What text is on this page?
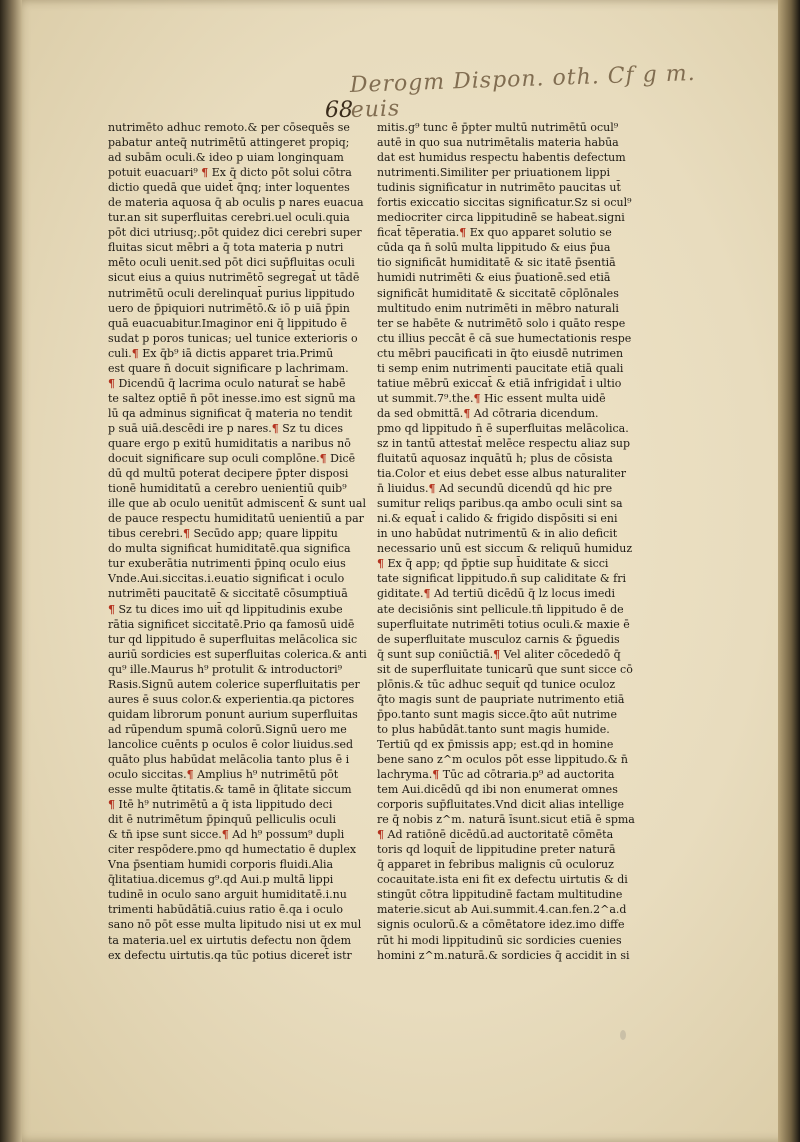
Derogm Dispon. oth. Cf g m. euis
68
nutrimēto adhuc remoto.& per cōsequēs se
pabatur anteq̄ nutrimētū attingeret propiq;
ad subām oculi.& ideo p uiam longinquam
potuit euacuari⁹ ¶ Ex q̄ dicto pōt solui cōtra
dictio quedā que uidet̄ q̄nq; inter loquentes
de materia aquosa q̄ ab oculis p nares euacua
tur.an sit superfluitas cerebri.uel oculi.quia
pōt dici utriusq;.pōt quidez dici cerebri super
fluitas sicut mēbri a q̄ tota materia p nutri
mēto oculi uenit.sed pōt dici sup̄fluitas oculi
sicut eius a quius nutrimētō segregat̄ ut tādē
nutrimētū oculi derelinquat̄ purius lippitudo
uero de p̄piquiori nutrimētō.& iō p uiā p̄pin
quā euacuabitur.Imaginor eni q̄ lippitudo ē
sudat p poros tunicas; uel tunice exterioris o
culi.¶ Ex q̄b⁹ iā dictis apparet tria.Primū
est quare n̄ docuit significare p lachrimam.
¶ Dicendū q̄ lacrima oculo naturat̄ se habē
te saltez optiē n̄ pōt inesse.imo est signū ma
lū qa adminus significat q̄ materia no tendit
p suā uiā.descēdi ire p nares.¶ Sz tu dices
quare ergo p exitū humiditatis a naribus nō
docuit significare sup oculi complōne.¶ Dicē
dū qd multū poterat decipere p̄pter disposi
tionē humiditatū a cerebro uenientiū quib⁹
ille que ab oculo uenitūt admiscent̄ & sunt ual
de pauce respectu humiditatū uenientiū a par
tibus cerebri.¶ Secūdo app; quare lippitu
do multa significat humiditatē.qua significa
tur exuberātia nutrimenti p̄pinq oculo eius
Vnde.Aui.siccitas.i.euatio significat i oculo
nutrimēti paucitatē & siccitatē cōsumptiuā
¶ Sz tu dices imo uit̄ qd lippitudinis exube
rātia significet siccitatē.Prio qa famosū uidē
tur qd lippitudo ē superfluitas melācolica sic
auriū sordicies est superfluitas colerica.& anti
qu⁹ ille.Maurus h⁹ protulit & introductori⁹
Rasis.Signū autem colerice superfluitatis per
aures ē suus color.& experientia.qa pictores
quidam librorum ponunt aurium superfluitas
ad rūpendum spumā colorū.Signū uero me
lancolice cuēnts p oculos ē color liuidus.sed
quāto plus habūdat melācolia tanto plus ē i
oculo siccitas.¶ Amplius h⁹ nutrimētū pōt
esse multe q̄titatis.& tamē in q̄litate siccum
¶ Itē h⁹ nutrimētū a q̄ ista lippitudo deci
dit ē nutrimētum p̄pinquū pelliculis oculi
& tn̄ ipse sunt sicce.¶ Ad h⁹ possum⁹ dupli
citer respōdere.pmo qd humectatio ē duplex
Vna p̄sentiam humidi corporis fluidi.Alia
q̄litatiua.dicemus g⁹.qd Aui.p multā lippi
tudinē in oculo sano arguit humiditatē.i.nu
trimenti habūdātiā.cuius ratio ē.qa i oculo
sano nō pōt esse multa lipitudo nisi ut ex mul
ta materia.uel ex uirtutis defectu non q̄dem
ex defectu uirtutis.qa tūc potius diceret̄ istr
mitis.g⁹ tunc ē p̄pter multū nutrimētū ocul⁹
autē in quo sua nutrimētalis materia habūa
dat est humidus respectu habentis defectum
nutrimenti.Similiter per priuationem lippi
tudinis significatur in nutrimēto paucitas ut̄
fortis exiccatio siccitas significatur.Sz si ocul⁹
mediocriter circa lippitudinē se habeat.signi
ficat̄ tēperatia.¶ Ex quo apparet solutio se
cūda qa n̄ solū multa lippitudo & eius p̄ua
tio significāt humiditatē & sic itatē p̄sentiā
humidi nutrimēti & eius p̄uationē.sed etiā
significāt humiditatē & siccitatē cōplōnales
multitudo enim nutrimēti in mēbro naturali
ter se habēte & nutrimētō solo i quāto respe
ctu illius peccāt ē cā sue humectationis respe
ctu mēbri paucificati in q̄to eiusdē nutrimen
ti semp enim nutrimenti paucitate etiā quali
tatiue mēbrū exiccat̄ & etiā infrigidat̄ i ultio
ut summit.7⁹.the.¶ Hic essent multa uidē
da sed obmittā.¶ Ad cōtraria dicendum.
pmo qd lippitudo n̄ ē superfluitas melācolica.
sz in tantū attestat̄ melēce respectu aliaz sup
fluitatū aquosaz inquātū h; plus de cōsista
tia.Color et eius debet esse albus naturaliter
n̄ liuidus.¶ Ad secundū dicendū qd hic pre
sumitur reliqs paribus.qa ambo oculi sint sa
ni.& equat̄ i calido & frigido dispōsiti si eni
in uno habūdat nutrimentū & in alio deficit
necessario unū est siccum & reliquū humiduz
¶ Ex q̄ app; qd p̄ptie sup h̄uiditate & sicci
tate significat lippitudo.n̄ sup caliditate & fri
giditate.¶ Ad tertiū dicēdū q̄ lz locus imedi
ate decisiōnis sint pellicule.tn̄ lippitudo ē de
superfluitate nutrimēti totius oculi.& maxie ē
de superfluitate musculoz carnis & p̄guedis
q̄ sunt sup coniūctiā.¶ Vel aliter cōcededō q̄
sit de superfluitate tunicarū que sunt sicce cō
plōnis.& tūc adhuc sequit̄ qd tunice oculoz
q̄to magis sunt de paupriate nutrimento etiā
p̄po.tanto sunt magis sicce.q̄to aūt nutrime
to plus habūdāt.tanto sunt magis humide.
Tertiū qd ex p̄missis app; est.qd in homine
bene sano z^m oculos pōt esse lippitudo.& n̄
lachryma.¶ Tūc ad cōtraria.p⁹ ad auctorita
tem Aui.dicēdū qd ibi non enumerat omnes
corporis sup̄fluitates.Vnd dicit alias intellige
re q̄ nobis z^m. naturā īsunt.sicut etiā ē spma
¶ Ad ratiōnē dicēdū.ad auctoritatē cōmēta
toris qd loquit̄ de lippitudine preter naturā
q̄ apparet in febribus malignis cū oculoruz
cocauitate.ista eni fit ex defectu uirtutis & di
stingūt cōtra lippitudinē factam multitudine
materie.sicut ab Aui.summit.4.can.fen.2^a.d
signis oculorū.& a cōmētatore idez.imo diffe
rūt hi modi lippitudinū sic sordicies cuenies
homini z^m.naturā.& sordicies q̄ accidit in si
